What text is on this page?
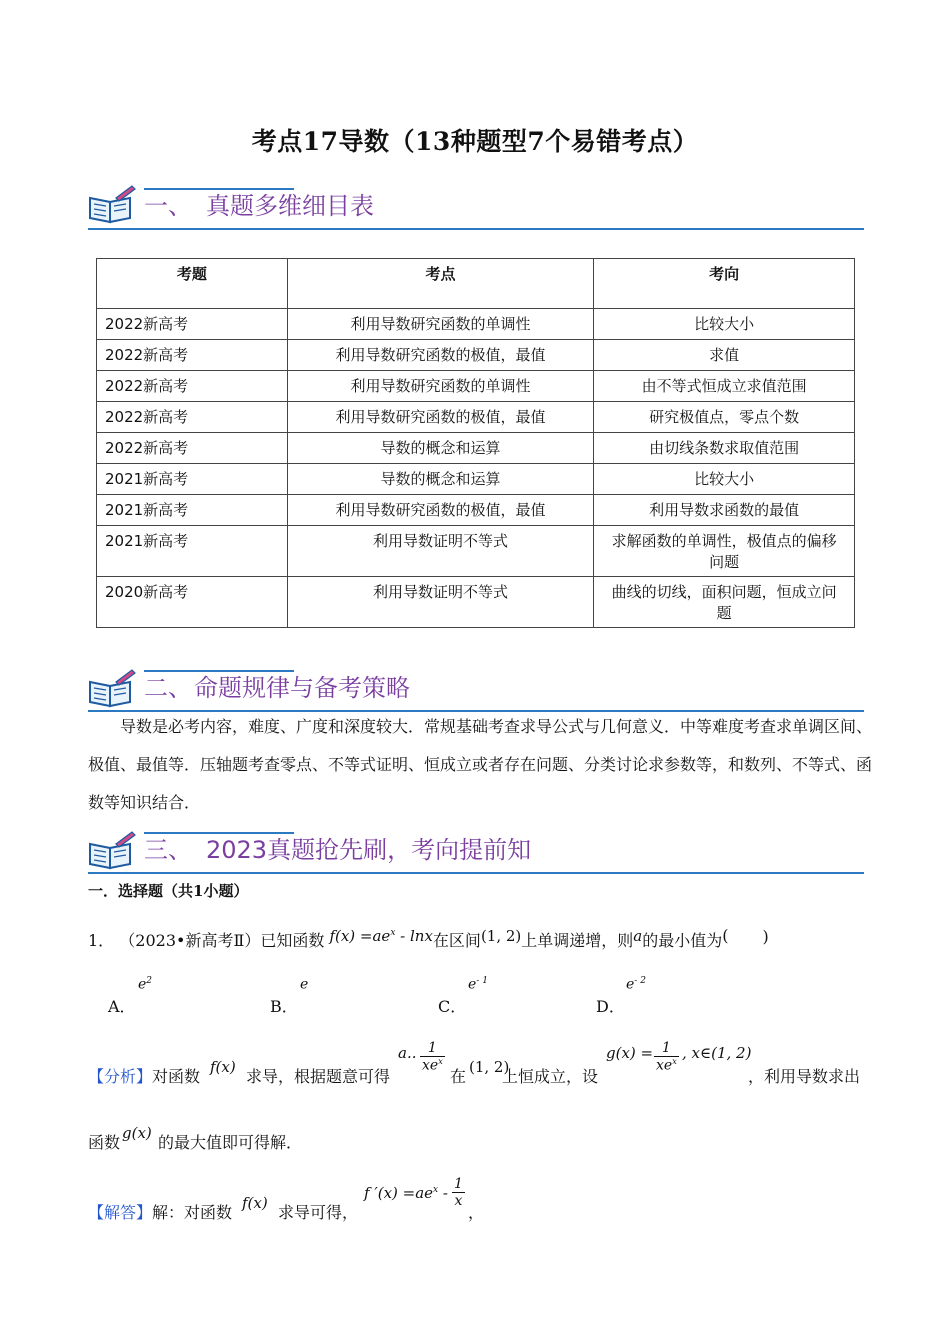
考点17导数（13种题型7个易错考点）
一、 真题多维细目表
考题	考点	考向
2022新高考	利用导数研究函数的单调性	比较大小
2022新高考	利用导数研究函数的极值，最值	求值
2022新高考	利用导数研究函数的单调性	由不等式恒成立求值范围
2022新高考	利用导数研究函数的极值，最值	研究极值点，零点个数
2022新高考	导数的概念和运算	由切线条数求取值范围
2021新高考	导数的概念和运算	比较大小
2021新高考	利用导数研究函数的极值，最值	利用导数求函数的最值
2021新高考	利用导数证明不等式	求解函数的单调性，极值点的偏移问题
2020新高考	利用导数证明不等式	曲线的切线，面积问题，恒成立问题
二、 命题规律与备考策略
导数是必考内容，难度、广度和深度较大．常规基础考查求导公式与几何意义．中等难度考查求单调区间、极值、最值等．压轴题考查零点、不等式证明、恒成立或者存在问题、分类讨论求参数等，和数列、不等式、函数等知识结合．
三、 2023真题抢先刷，考向提前知
一．选择题（共1小题）
1． （2023•新高考Ⅱ）已知函数 $f(x) =ae^x - \ln x$在区间(1, 2)上单调递增，则a的最小值为( )
$e^2$
A．
e
B．
$e^{- 1}$
C．
$e^{- 2}$
D．
【分析】 对函数 f(x) 求导，根据题意可得
a.. 1
$xe^x$
在 (1, 2)
上恒成立，设
g(x) = 1
$xe^x$ , x∈(1, 2)
，利用导数求出
函数 g(x) 的最大值即可得解．
【解答】 解：对函数 f(x) 求导可得，
f $'(x) =ae^x - \frac{1}{x}$
，
